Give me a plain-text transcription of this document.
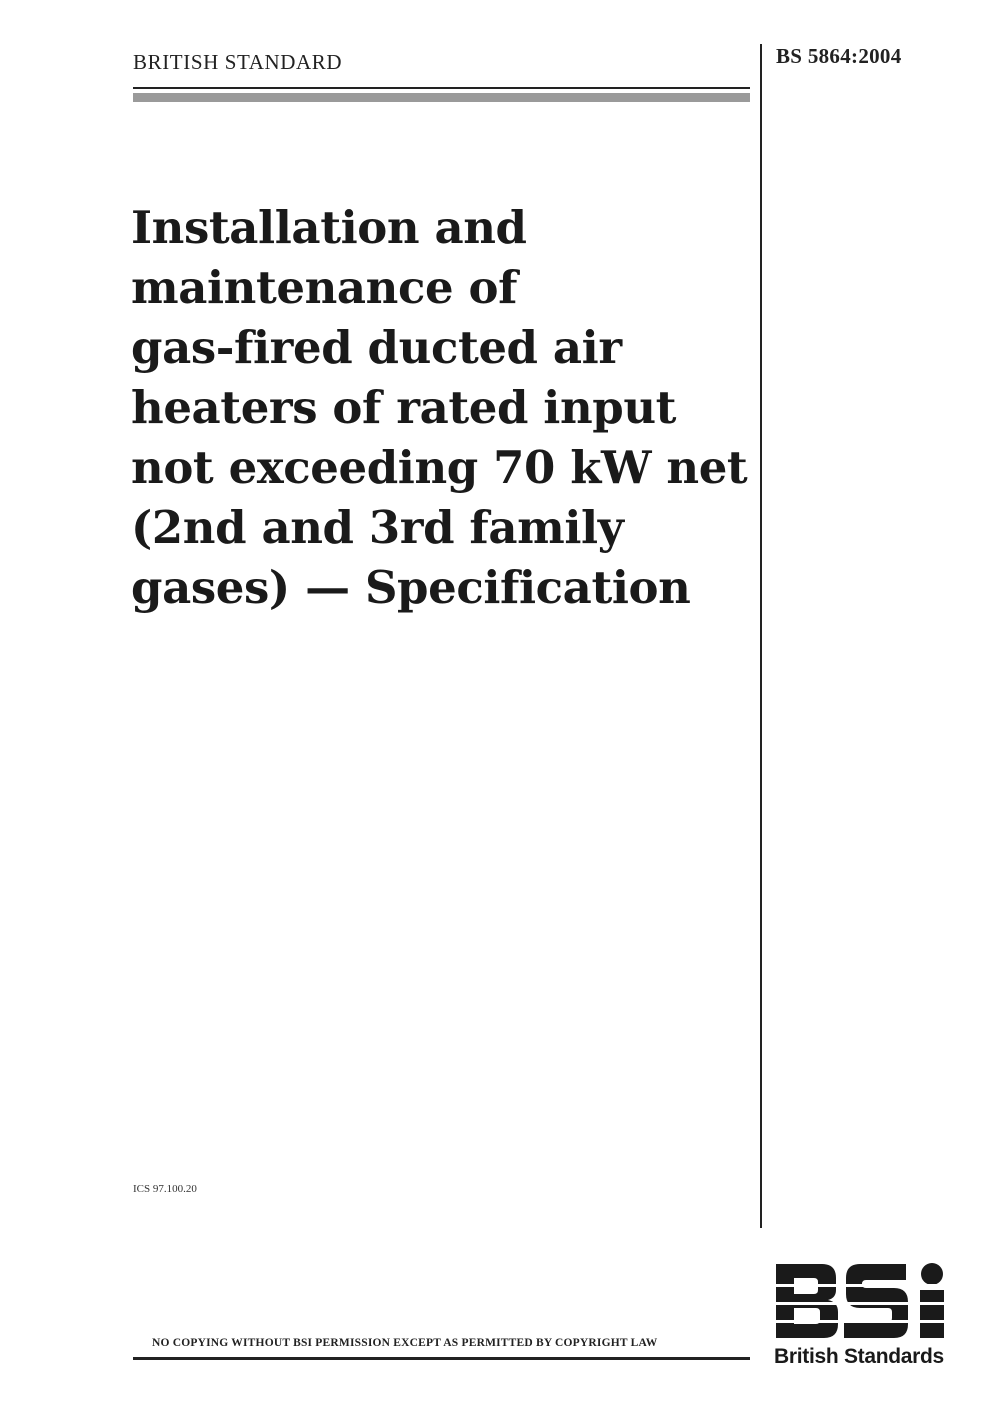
BRITISH STANDARD	BS 5864:2004
Installation and
maintenance of
gas-fired ducted air
heaters of rated input
not exceeding 70 kW net
(2nd and 3rd family
gases) — Specification
ICS 97.100.20
NO COPYING WITHOUT BSI PERMISSION EXCEPT AS PERMITTED BY COPYRIGHT LAW
British Standards
